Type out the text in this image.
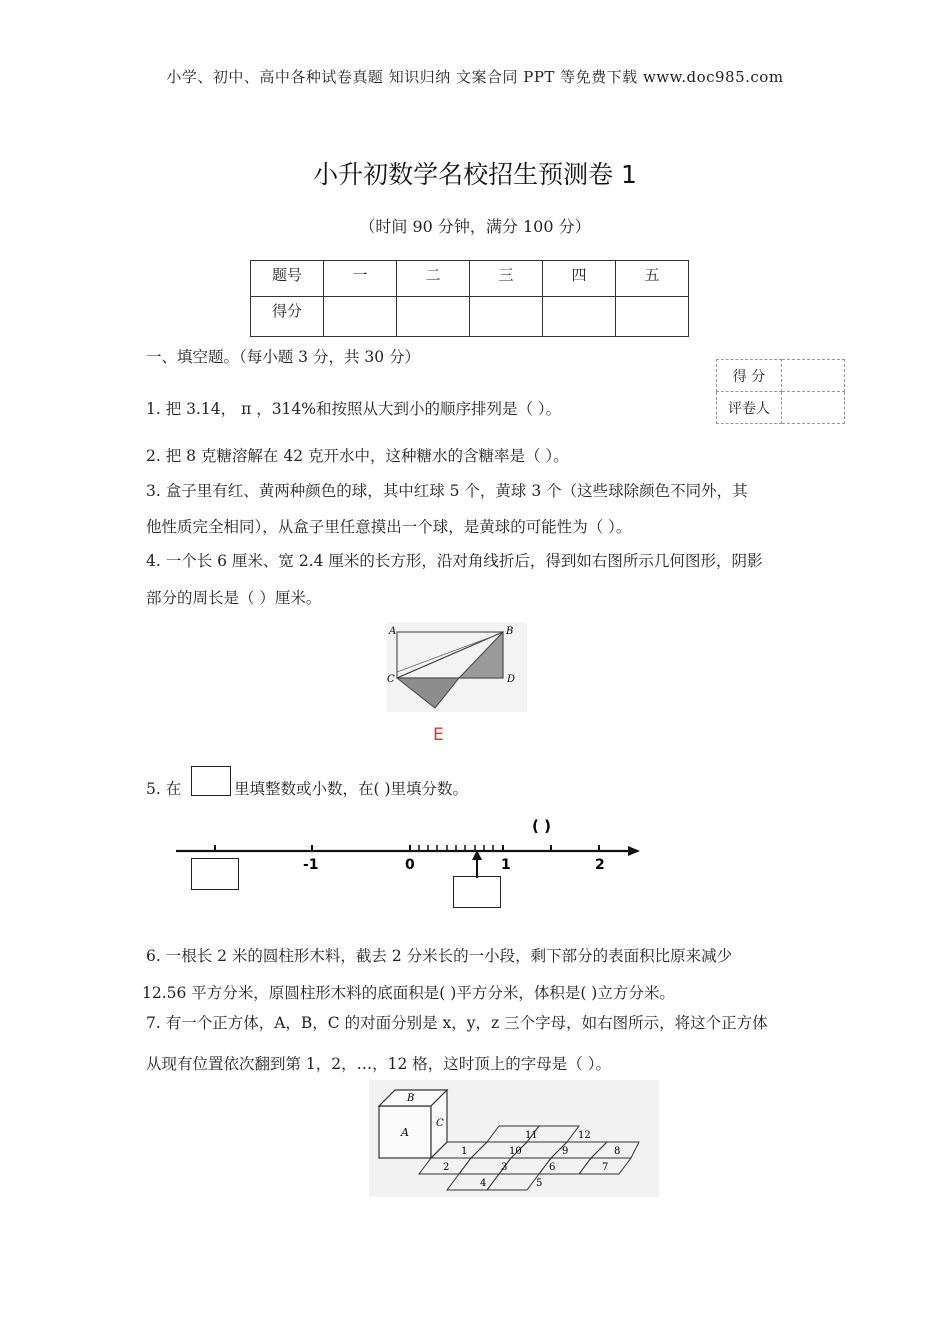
小学、初中、高中各种试卷真题 知识归纳 文案合同 PPT 等免费下载 www.doc985.com
小升初数学名校招生预测卷 1
（时间 90 分钟，满分 100 分）
题号	一	二	三	四	五
得分					
一、填空题。（每小题 3 分，共 30 分）
得 分	
评卷人	
1. 把 3.14， π ，314%和按照从大到小的顺序排列是（ ）。
2. 把 8 克糖溶解在 42 克开水中，这种糖水的含糖率是（ ）。
3. 盒子里有红、黄两种颜色的球，其中红球 5 个，黄球 3 个（这些球除颜色不同外，其
他性质完全相同），从盒子里任意摸出一个球，是黄球的可能性为（ ）。
4. 一个长 6 厘米、宽 2.4 厘米的长方形，沿对角线折后，得到如右图所示几何图形，阴影
部分的周长是（ ）厘米。
A	B
C	D
E
5. 在	里填整数或小数，在( )里填分数。
-1	0	1	2
( )
6. 一根长 2 米的圆柱形木料，截去 2 分米长的一小段，剩下部分的表面积比原来减少
12.56 平方分米，原圆柱形木料的底面积是( )平方分米，体积是( )立方分米。
7. 有一个正方体，A，B，C 的对面分别是 x，y，z 三个字母，如右图所示，将这个正方体
从现有位置依次翻到第 1，2，…，12 格，这时顶上的字母是（ ）。
A
B
C
1
2	3
4	5
6	7
8
9
10
11	12
